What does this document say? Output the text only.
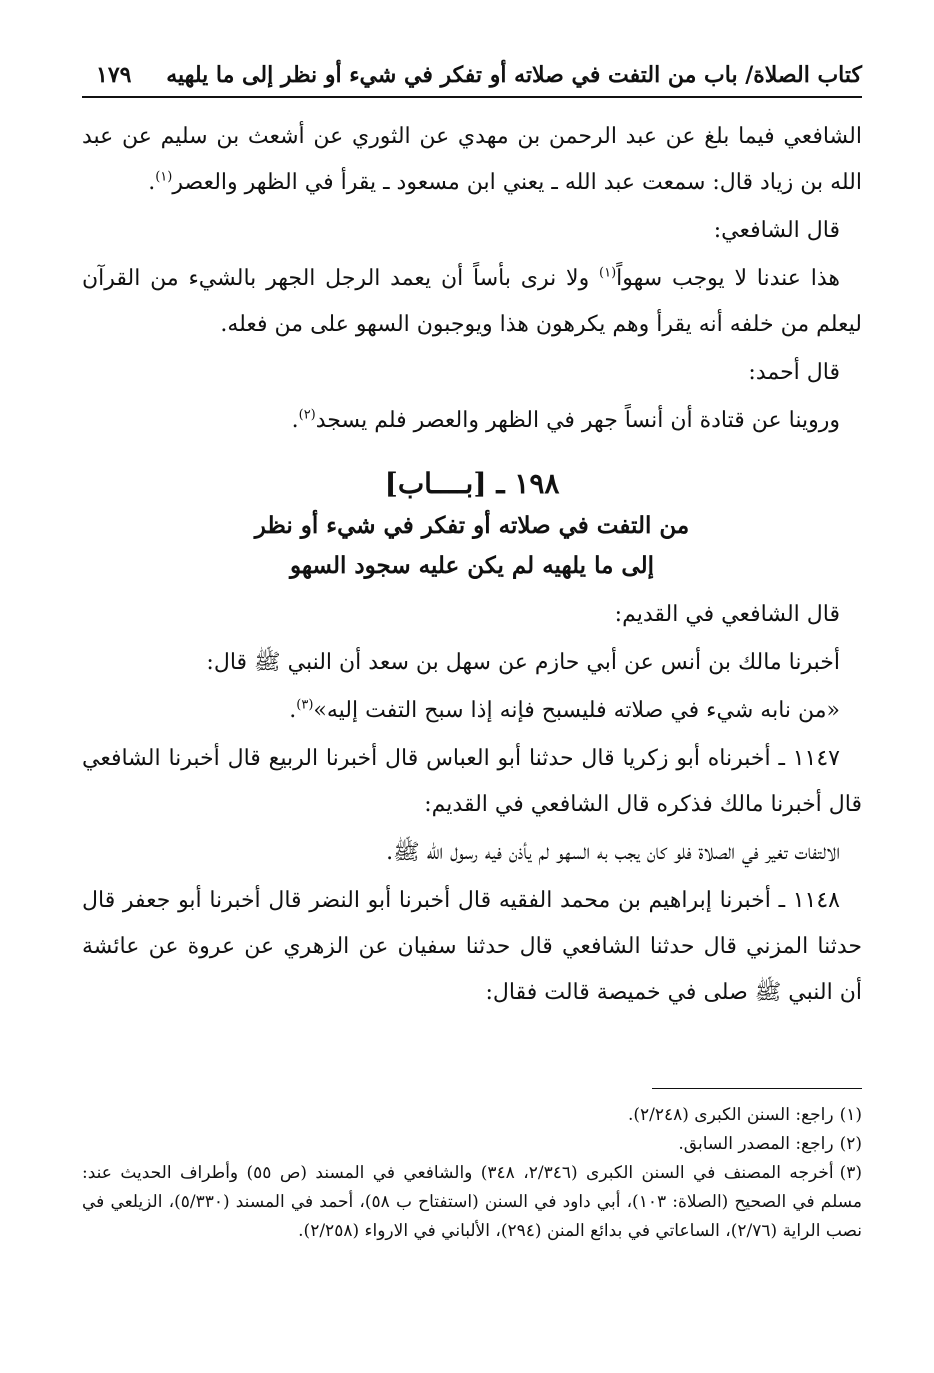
كتاب الصلاة/ باب من التفت في صلاته أو تفكر في شيء أو نظر إلى ما يلهيه
١٧٩

الشافعي فيما بلغ عن عبد الرحمن بن مهدي عن الثوري عن أشعث بن سليم عن عبد الله بن زياد قال: سمعت عبد الله ـ يعني ابن مسعود ـ يقرأ في الظهر والعصر$^{(١)}$.

قال الشافعي:

هذا عندنا لا يوجب سهواً$^{(١)}$ ولا نرى بأساً أن يعمد الرجل الجهر بالشيء من القرآن ليعلم من خلفه أنه يقرأ وهم يكرهون هذا ويوجبون السهو على من فعله.

قال أحمد:

وروينا عن قتادة أن أنساً جهر في الظهر والعصر فلم يسجد$^{(٢)}$.

١٩٨ ـ [بــــاب]
من التفت في صلاته أو تفكر في شيء أو نظر
إلى ما يلهيه لم يكن عليه سجود السهو

قال الشافعي في القديم:

أخبرنا مالك بن أنس عن أبي حازم عن سهل بن سعد أن النبي ﷺ قال:

«من نابه شيء في صلاته فليسبح فإنه إذا سبح التفت إليه»$^{(٣)}$.

١١٤٧ ـ أخبرناه أبو زكريا قال حدثنا أبو العباس قال أخبرنا الربيع قال أخبرنا الشافعي قال أخبرنا مالك فذكره قال الشافعي في القديم:

الالتفات تغير في الصلاة فلو كان يجب به السهو لم يأذن فيه رسول الله ﷺ.

١١٤٨ ـ أخبرنا إبراهيم بن محمد الفقيه قال أخبرنا أبو النضر قال أخبرنا أبو جعفر قال حدثنا المزني قال حدثنا الشافعي قال حدثنا سفيان عن الزهري عن عروة عن عائشة أن النبي ﷺ صلى في خميصة قالت فقال:

(١)راجع: السنن الكبرى (٢/٢٤٨).

(٢)راجع: المصدر السابق.

(٣)أخرجه المصنف في السنن الكبرى (٢/٣٤٦، ٣٤٨) والشافعي في المسند (ص ٥٥) وأطراف الحديث عند: مسلم في الصحيح (الصلاة: ١٠٣)، أبي داود في السنن (استفتاح ب ٥٨)، أحمد في المسند (٥/٣٣٠)، الزيلعي في نصب الراية (٢/٧٦)، الساعاتي في بدائع المنن (٢٩٤)، الألباني في الارواء (٢/٢٥٨).
